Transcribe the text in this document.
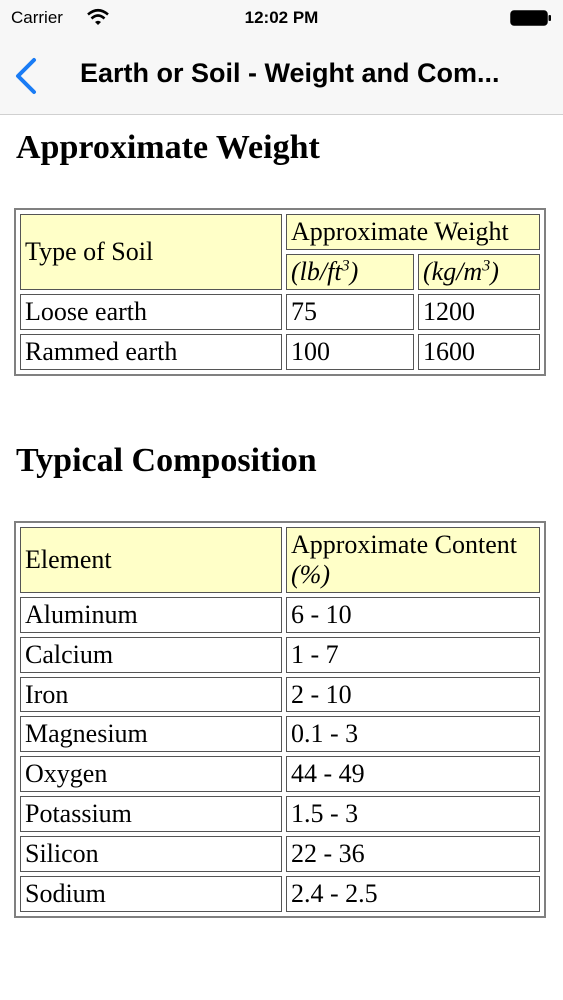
Carrier	12:02 PM
Earth or Soil - Weight and Com...
Approximate Weight
Type of Soil	Approximate Weight	
	$(lb/ft^3)$	$(kg/m^3)$
Loose earth	75	1200
Rammed earth	100	1600
Typical Composition
Element	Approximate Content
(%)
Aluminum	6 - 10
Calcium	1 - 7
Iron	2 - 10
Magnesium	0.1 - 3
Oxygen	44 - 49
Potassium	1.5 - 3
Silicon	22 - 36
Sodium	2.4 - 2.5
